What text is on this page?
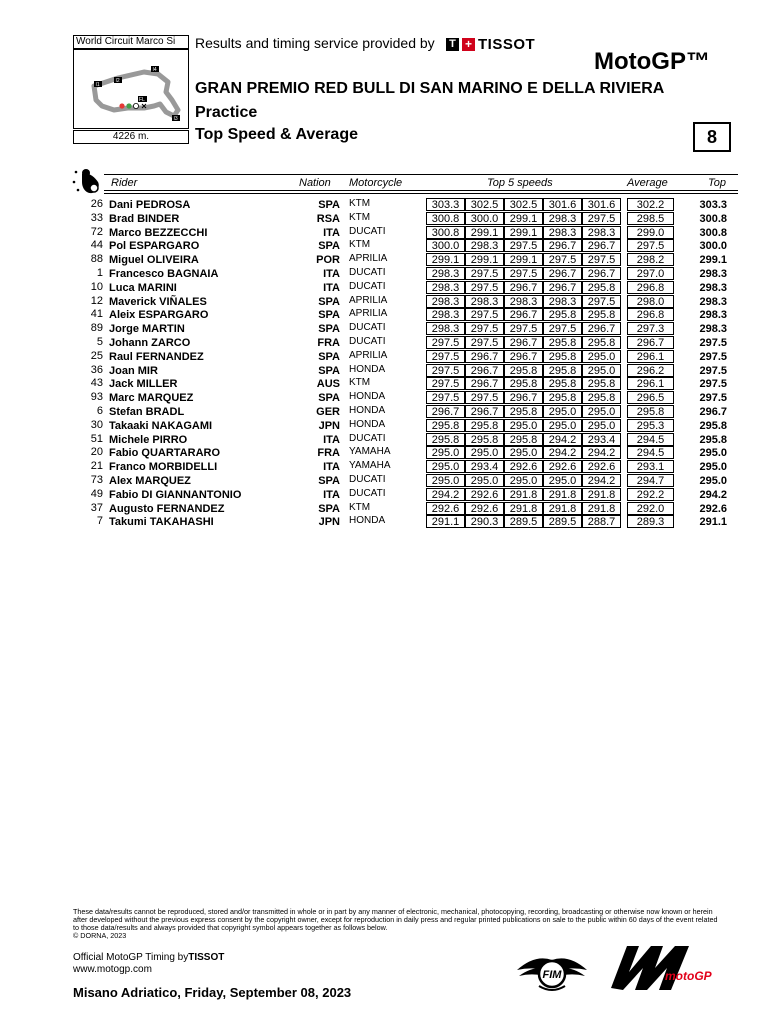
World Circuit Marco Si
I4
I1
I2
FL
I3
4226 m.
Results and timing service provided by T + TISSOT
MotoGP™
GRAN PREMIO RED BULL DI SAN MARINO E DELLA RIVIERA
Practice
Top Speed & Average	8
Rider	Nation Motorcycle	Top 5 speeds	Average	Top
26 Dani PEDROSA	SPA KTM	303.3	302.5	302.5	301.6	301.6	302.2	303.3
33 Brad BINDER	RSA KTM	300.8	300.0	299.1	298.3	297.5	298.5	300.8
72 Marco BEZZECCHI	ITA DUCATI	300.8	299.1	299.1	298.3	298.3	299.0	300.8
44 Pol ESPARGARO	SPA KTM	300.0	298.3	297.5	296.7	296.7	297.5	300.0
88 Miguel OLIVEIRA	POR APRILIA	299.1	299.1	299.1	297.5	297.5	298.2	299.1
1 Francesco BAGNAIA	ITA DUCATI	298.3	297.5	297.5	296.7	296.7	297.0	298.3
10 Luca MARINI	ITA DUCATI	298.3	297.5	296.7	296.7	295.8	296.8	298.3
12 Maverick VIÑALES	SPA APRILIA	298.3	298.3	298.3	298.3	297.5	298.0	298.3
41 Aleix ESPARGARO	SPA APRILIA	298.3	297.5	296.7	295.8	295.8	296.8	298.3
89 Jorge MARTIN	SPA DUCATI	298.3	297.5	297.5	297.5	296.7	297.3	298.3
5 Johann ZARCO	FRA DUCATI	297.5	297.5	296.7	295.8	295.8	296.7	297.5
25 Raul FERNANDEZ	SPA APRILIA	297.5	296.7	296.7	295.8	295.0	296.1	297.5
36 Joan MIR	SPA HONDA	297.5	296.7	295.8	295.8	295.0	296.2	297.5
43 Jack MILLER	AUS KTM	297.5	296.7	295.8	295.8	295.8	296.1	297.5
93 Marc MARQUEZ	SPA HONDA	297.5	297.5	296.7	295.8	295.8	296.5	297.5
6 Stefan BRADL	GER HONDA	296.7	296.7	295.8	295.0	295.0	295.8	296.7
30 Takaaki NAKAGAMI	JPN HONDA	295.8	295.8	295.0	295.0	295.0	295.3	295.8
51 Michele PIRRO	ITA DUCATI	295.8	295.8	295.8	294.2	293.4	294.5	295.8
20 Fabio QUARTARARO	FRA YAMAHA	295.0	295.0	295.0	294.2	294.2	294.5	295.0
21 Franco MORBIDELLI	ITA YAMAHA	295.0	293.4	292.6	292.6	292.6	293.1	295.0
73 Alex MARQUEZ	SPA DUCATI	295.0	295.0	295.0	295.0	294.2	294.7	295.0
49 Fabio DI GIANNANTONIO	ITA DUCATI	294.2	292.6	291.8	291.8	291.8	292.2	294.2
37 Augusto FERNANDEZ	SPA KTM	292.6	292.6	291.8	291.8	291.8	292.0	292.6
7 Takumi TAKAHASHI	JPN HONDA	291.1	290.3	289.5	289.5	288.7	289.3	291.1
These data/results cannot be reproduced, stored and/or transmitted in whole or in part by any manner of electronic, mechanical, photocopying, recording, broadcasting or otherwise now known or herein after developed without the previous express consent by the copyright owner, except for reproduction in daily press and regular printed publications on sale to the public within 60 days of the event related to those data/results and always provided that copyright symbol appears together as follows below.
© DORNA, 2023
Official MotoGP Timing byTISSOT
www.motogp.com
Misano Adriatico, Friday, September 08, 2023
FIM	motoGP
